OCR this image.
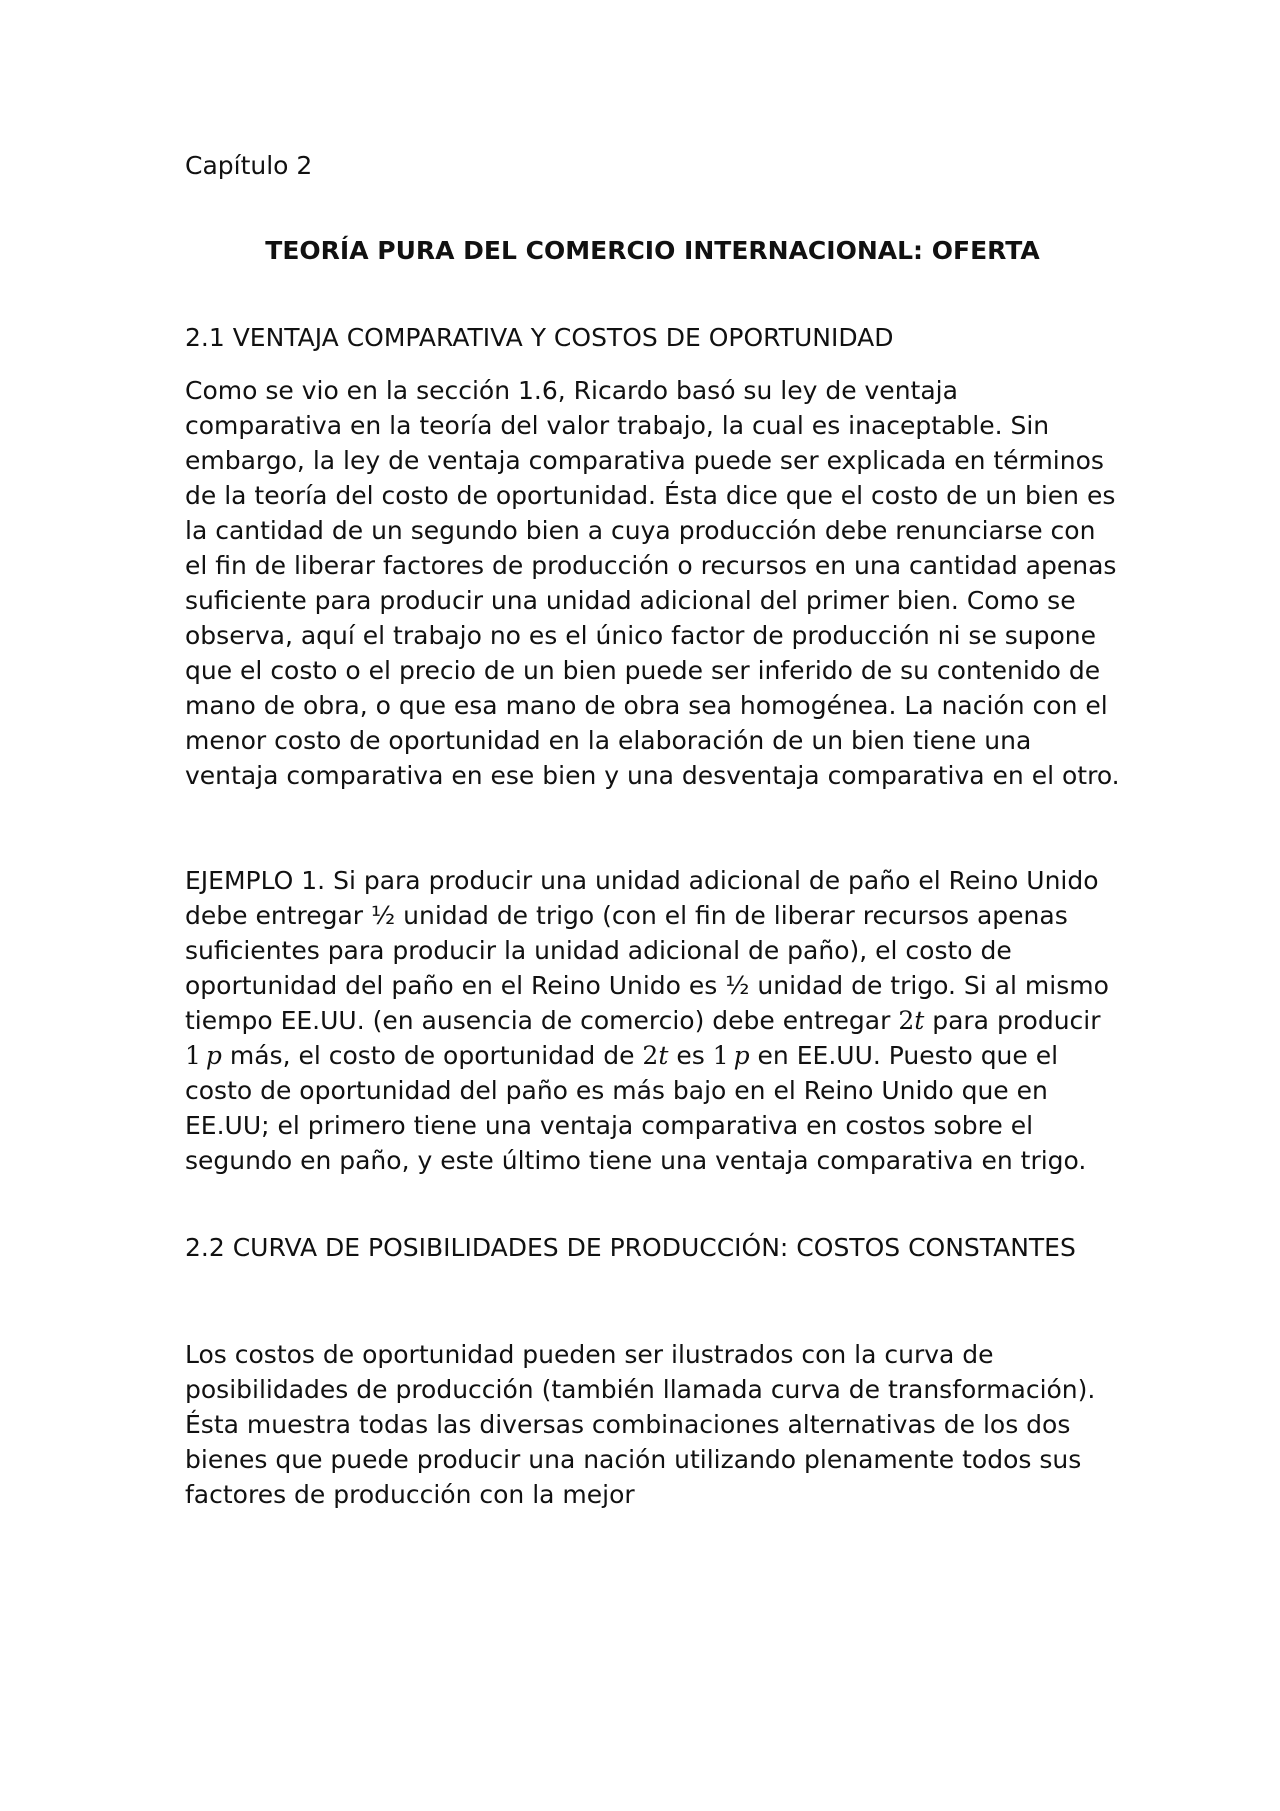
Capítulo 2
TEORÍA PURA DEL COMERCIO INTERNACIONAL: OFERTA
2.1 VENTAJA COMPARATIVA Y COSTOS DE OPORTUNIDAD

Como se vio en la sección 1.6, Ricardo basó su ley de ventaja comparativa en la teoría del valor trabajo, la cual es inaceptable. Sin embargo, la ley de ventaja comparativa puede ser explicada en términos de la teoría del costo de oportunidad. Ésta dice que el costo de un bien es la cantidad de un segundo bien a cuya producción debe renunciarse con el fin de liberar factores de producción o recursos en una cantidad apenas suficiente para producir una unidad adicional del primer bien. Como se observa, aquí el trabajo no es el único factor de producción ni se supone que el costo o el precio de un bien puede ser inferido de su contenido de mano de obra, o que esa mano de obra sea homogénea. La nación con el menor costo de oportunidad en la elaboración de un bien tiene una ventaja comparativa en ese bien y una desventaja comparativa en el otro.

EJEMPLO 1. Si para producir una unidad adicional de paño el Reino Unido debe entregar ½ unidad de trigo (con el fin de liberar recursos apenas suficientes para producir la unidad adicional de paño), el costo de oportunidad del paño en el Reino Unido es ½ unidad de trigo. Si al mismo tiempo EE.UU. (en ausencia de comercio) debe entregar 2t para producir 1  p más, el costo de oportunidad de 2t es 1  p en EE.UU. Puesto que el costo de oportunidad del paño es más bajo en el Reino Unido que en EE.UU; el primero tiene una ventaja comparativa en costos sobre el segundo en paño, y este último tiene una ventaja comparativa en trigo.

2.2 CURVA DE POSIBILIDADES DE PRODUCCIÓN: COSTOS CONSTANTES

Los costos de oportunidad pueden ser ilustrados con la curva de posibilidades de producción (también llamada curva de transformación). Ésta muestra todas las diversas combinaciones alternativas de los dos bienes que puede producir una nación utilizando plenamente todos sus factores de producción con la mejor
